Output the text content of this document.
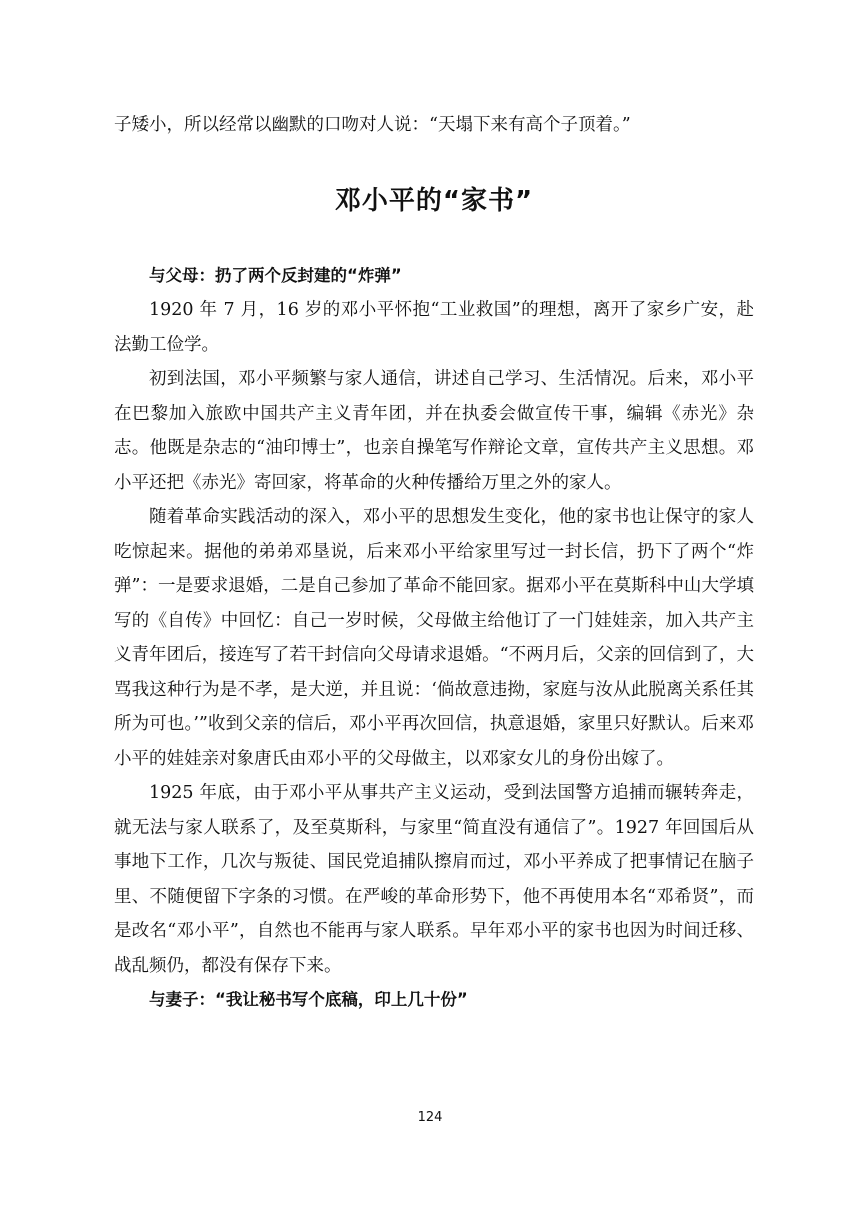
子矮小，所以经常以幽默的口吻对人说：“天塌下来有高个子顶着。”

邓小平的“家书”
与父母：扔了两个反封建的“炸弹”

1920 年 7 月，16 岁的邓小平怀抱“工业救国”的理想，离开了家乡广安，赴法勤工俭学。

初到法国，邓小平频繁与家人通信，讲述自己学习、生活情况。后来，邓小平在巴黎加入旅欧中国共产主义青年团，并在执委会做宣传干事，编辑《赤光》杂志。他既是杂志的“油印博士”，也亲自操笔写作辩论文章，宣传共产主义思想。邓小平还把《赤光》寄回家，将革命的火种传播给万里之外的家人。

随着革命实践活动的深入，邓小平的思想发生变化，他的家书也让保守的家人吃惊起来。据他的弟弟邓垦说，后来邓小平给家里写过一封长信，扔下了两个“炸弹”：一是要求退婚，二是自己参加了革命不能回家。据邓小平在莫斯科中山大学填写的《自传》中回忆：自己一岁时候，父母做主给他订了一门娃娃亲，加入共产主义青年团后，接连写了若干封信向父母请求退婚。“不两月后，父亲的回信到了，大骂我这种行为是不孝，是大逆，并且说：‘倘故意违拗，家庭与汝从此脱离关系任其所为可也。’”收到父亲的信后，邓小平再次回信，执意退婚，家里只好默认。后来邓小平的娃娃亲对象唐氏由邓小平的父母做主，以邓家女儿的身份出嫁了。

1925 年底，由于邓小平从事共产主义运动，受到法国警方追捕而辗转奔走，就无法与家人联系了，及至莫斯科，与家里“简直没有通信了”。1927 年回国后从事地下工作，几次与叛徒、国民党追捕队擦肩而过，邓小平养成了把事情记在脑子里、不随便留下字条的习惯。在严峻的革命形势下，他不再使用本名“邓希贤”，而是改名“邓小平”，自然也不能再与家人联系。早年邓小平的家书也因为时间迁移、战乱频仍，都没有保存下来。

与妻子：“我让秘书写个底稿，印上几十份”
124
